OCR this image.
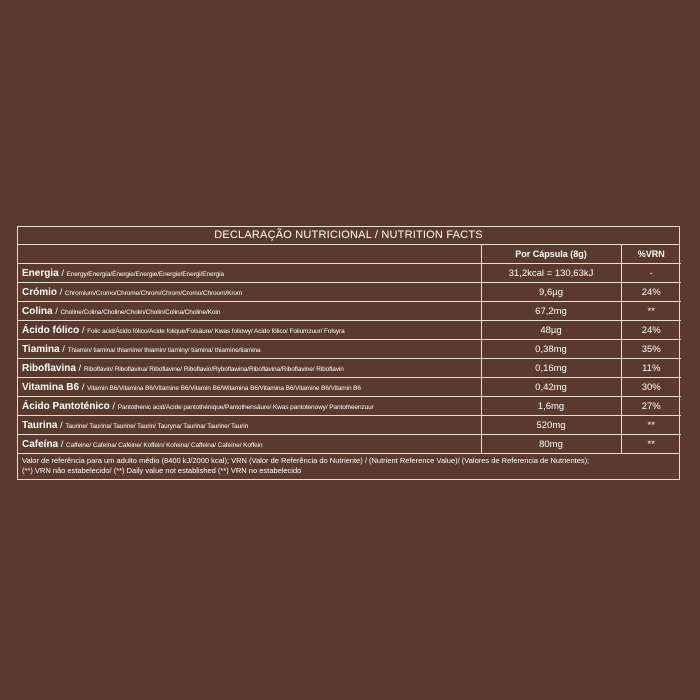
DECLARAÇÃO NUTRICIONAL / NUTRITION FACTS
	Por Cápsula (8g)	%VRN
Energia / Energy/Energía/Énergie/Energie/Energie/Energi/Energia	31,2kcal = 130,63kJ	-
Crómio / Chromium/Cromo/Chrome/Chrom/Chrom/Cromo/Chroom/Krom	9,6µg	24%
Colina / Choline/Colina/Choline/Cholin/Cholin/Colina/Choline/Koin	67,2mg	**
Ácido fólico / Folic acid/Ácido fólico/Acide folique/Folsäure/ Kwas foliowy/ Acido fólico/ Foliumzuur/ Folsyra	48µg	24%
Tiamina / Thiamin/ tiamina/ thiamine/ thiamin/ tiaminy/ tiamina/ thiamine/tiamina	0,38mg	35%
Riboflavina / Riboflavin/ Riboflavina/ Riboflavine/ Riboflavin/Ryboflawina/Riboflavina/Riboflavine/ Riboflavin	0,16mg	11%
Vitamina B6 / Vitamin B6/Vitamina B6/Vitamine B6/Vitamin B6/Witamina B6/Vitamina B6/Vitamine B6/Vitamin B6	0,42mg	30%
Ácido Pantoténico / Pantothenic acid/Acide pantothénique/Pantothensäure/ Kwas pantotenowy/ Pantotheenzuur	1,6mg	27%
Taurina / Taurine/ Taurina/ Taurine/ Taurin/ Tauryna/ Taurina/ Taurine/ Taurin	520mg	**
Cafeína / Caffeine/ Cafeína/ Caféine/ Koffein/ Kofeina/ Caffeina/ Cafeïne/ Koffein	80mg	**
Valor de referência para um adulto médio (8400 kJ/2000 kcal); VRN (Valor de Referência do Nutriente) / (Nutrient Reference Value)/ (Valores de Referencia de Nutrientes);
(**) VRN não estabelecido/ (**) Daily value not established (**) VRN no estabelecido
